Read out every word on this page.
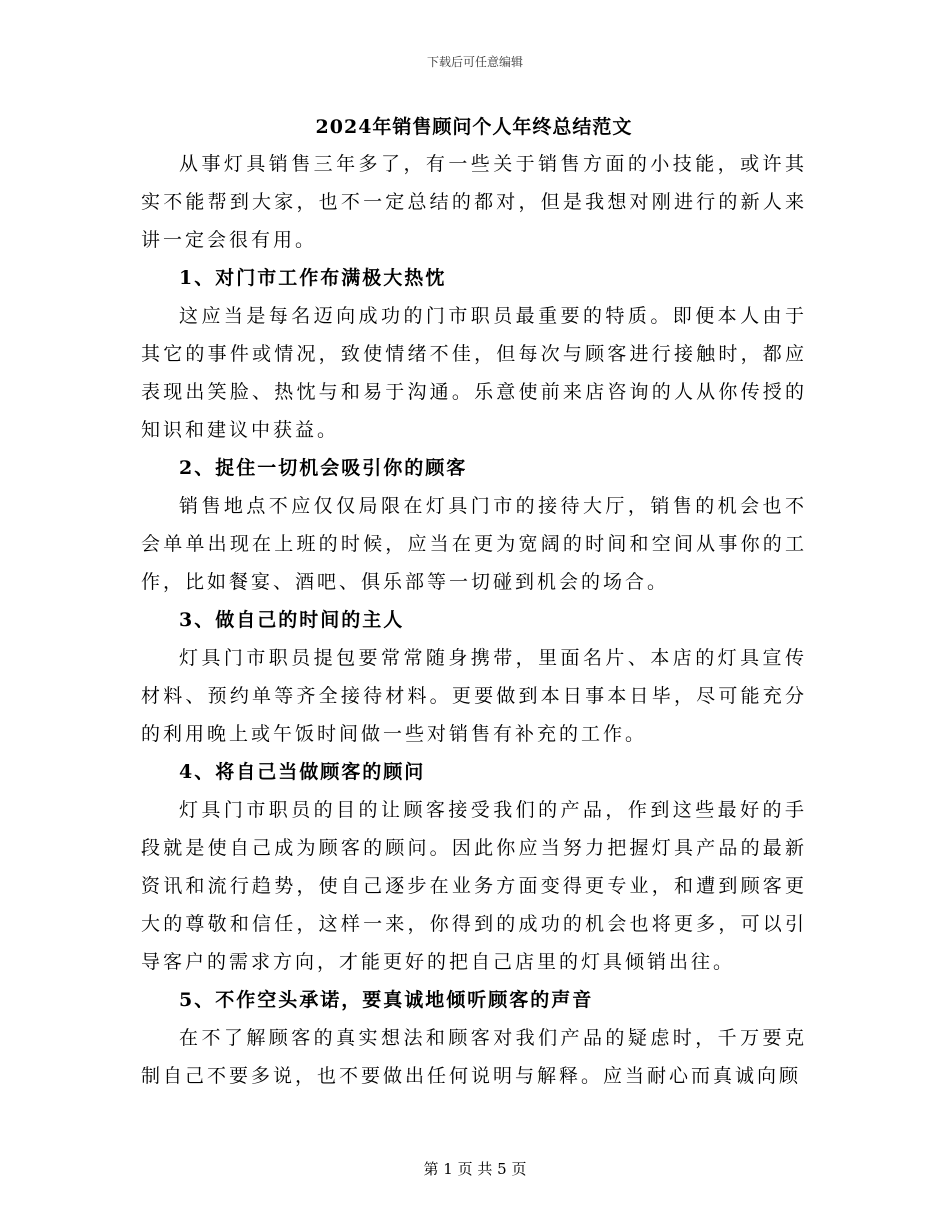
下载后可任意编辑
2024年销售顾问个人年终总结范文

从事灯具销售三年多了，有一些关于销售方面的小技能，或许其实不能帮到大家，也不一定总结的都对，但是我想对刚进行的新人来讲一定会很有用。

1、对门市工作布满极大热忱

这应当是每名迈向成功的门市职员最重要的特质。即便本人由于其它的事件或情况，致使情绪不佳，但每次与顾客进行接触时，都应表现出笑脸、热忱与和易于沟通。乐意使前来店咨询的人从你传授的知识和建议中获益。

2、捉住一切机会吸引你的顾客

销售地点不应仅仅局限在灯具门市的接待大厅，销售的机会也不会单单出现在上班的时候，应当在更为宽阔的时间和空间从事你的工作，比如餐宴、酒吧、俱乐部等一切碰到机会的场合。

3、做自己的时间的主人

灯具门市职员提包要常常随身携带，里面名片、本店的灯具宣传材料、预约单等齐全接待材料。更要做到本日事本日毕，尽可能充分的利用晚上或午饭时间做一些对销售有补充的工作。

4、将自己当做顾客的顾问

灯具门市职员的目的让顾客接受我们的产品，作到这些最好的手段就是使自己成为顾客的顾问。因此你应当努力把握灯具产品的最新资讯和流行趋势，使自己逐步在业务方面变得更专业，和遭到顾客更大的尊敬和信任，这样一来，你得到的成功的机会也将更多，可以引导客户的需求方向，才能更好的把自己店里的灯具倾销出往。

5、不作空头承诺，要真诚地倾听顾客的声音

在不了解顾客的真实想法和顾客对我们产品的疑虑时，千万要克制自己不要多说，也不要做出任何说明与解释。应当耐心而真诚向顾

第 1 页 共 5 页
